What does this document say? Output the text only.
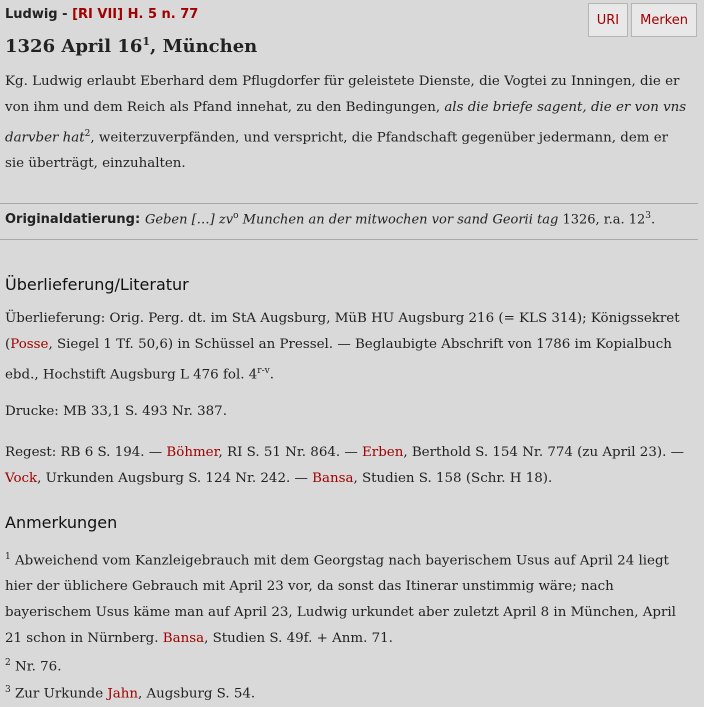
Ludwig - [RI VII] H. 5 n. 77	URI	Merken
1326 April $16^1$, München

Kg. Ludwig erlaubt Eberhard dem Pflugdorfer für geleistete Dienste, die Vogtei zu Inningen, die er von ihm und dem Reich als Pfand innehat, zu den Bedingungen, als die briefe sagent, die er von vns darvber hat$^2$, weiterzuverpfänden, und verspricht, die Pfandschaft gegenüber jedermann, dem er sie überträgt, einzuhalten.

Originaldatierung: Geben […] $zv^o$ Munchen an der mitwochen vor sand Georii tag 1326, r.a. $12^3$.
Überlieferung/Literatur

Überlieferung: Orig. Perg. dt. im StA Augsburg, MüB HU Augsburg 216 (= KLS 314); Königssekret (Posse, Siegel 1 Tf. 50,6) in Schüssel an Pressel. — Beglaubigte Abschrift von 1786 im Kopialbuch ebd., Hochstift Augsburg L 476 fol. 4$^{r-v}$.

Drucke: MB 33,1 S. 493 Nr. 387.

Regest: RB 6 S. 194. — Böhmer, RI S. 51 Nr. 864. — Erben, Berthold S. 154 Nr. 774 (zu April 23). — Vock, Urkunden Augsburg S. 124 Nr. 242. — Bansa, Studien S. 158 (Schr. H 18).

Anmerkungen

$^1$ Abweichend vom Kanzleigebrauch mit dem Georgstag nach bayerischem Usus auf April 24 liegt hier der üblichere Gebrauch mit April 23 vor, da sonst das Itinerar unstimmig wäre; nach bayerischem Usus käme man auf April 23, Ludwig urkundet aber zuletzt April 8 in München, April 21 schon in Nürnberg. Bansa, Studien S. 49f. + Anm. 71.

$^2$ Nr. 76.

$^3$ Zur Urkunde Jahn, Augsburg S. 54.
